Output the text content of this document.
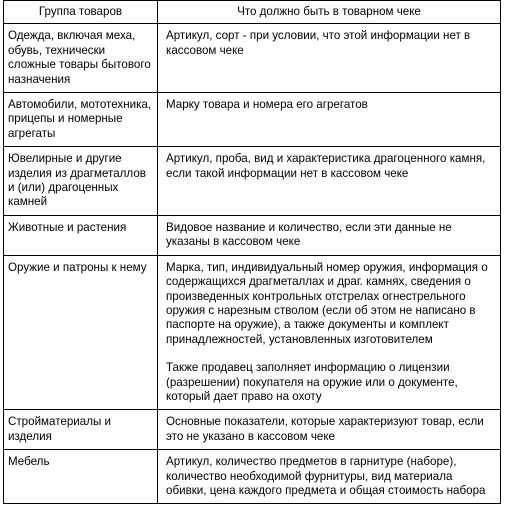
Группа товаров	Что должно быть в товарном чеке
Одежда, включая меха, обувь, технически сложные товары бытового назначения	Артикул, сорт - при условии, что этой информации нет в кассовом чеке

Автомобили, мототехника, прицепы и номерные агрегаты	Марку товара и номера его агрегатов

Ювелирные и другие изделия из драгметаллов и (или) драгоценных камней	Артикул, проба, вид и характеристика драгоценного камня, если такой информации нет в кассовом чеке

Животные и растения	Видовое название и количество, если эти данные не указаны в кассовом чеке

Оружие и патроны к нему	Марка, тип, индивидуальный номер оружия, информация о содержащихся драгметаллах и драг. камнях, сведения о произведенных контрольных отстрелах огнестрельного оружия с нарезным стволом (если об этом не написано в паспорте на оружие), а также документы и комплект принадлежностей, установленных изготовителем

Также продавец заполняет информацию о лицензии (разрешении) покупателя на оружие или о документе, который дает право на охоту

Стройматериалы и изделия	Основные показатели, которые характеризуют товар, если это не указано в кассовом чеке

Мебель	Артикул, количество предметов в гарнитуре (наборе), количество необходимой фурнитуры, вид материала обивки, цена каждого предмета и общая стоимость набора
